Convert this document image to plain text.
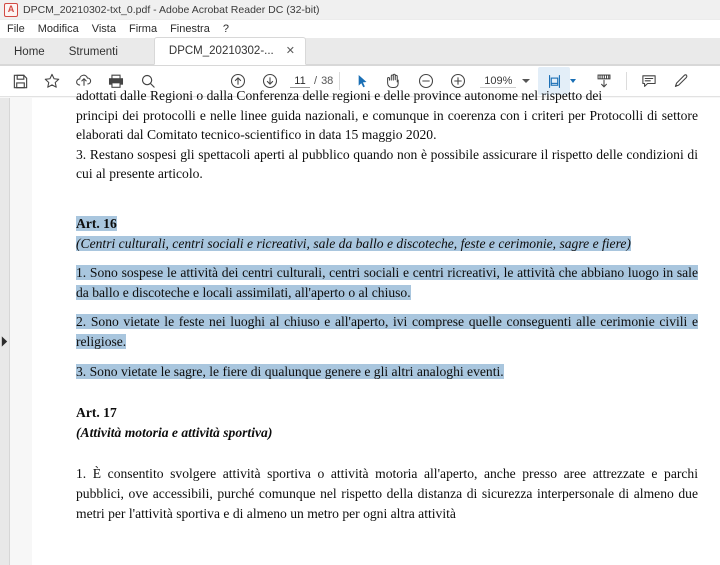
A DPCM_20210302-txt_0.pdf - Adobe Acrobat Reader DC (32-bit)
File	Modifica	Vista	Firma	Finestra	?
Home	Strumenti	DPCM_20210302-... ✕
11 / 38	109%

adottati dalle Regioni o dalla Conferenza delle regioni e delle province autonome nel rispetto dei

principi dei protocolli e nelle linee guida nazionali, e comunque in coerenza con i criteri per Protocolli di settore elaborati dal Comitato tecnico-scientifico in data 15 maggio 2020.

3. Restano sospesi gli spettacoli aperti al pubblico quando non è possibile assicurare il rispetto delle condizioni di cui al presente articolo.

Art. 16

(Centri culturali, centri sociali e ricreativi, sale da ballo e discoteche, feste e cerimonie, sagre e fiere)

1. Sono sospese le attività dei centri culturali, centri sociali e centri ricreativi, le attività che abbiano luogo in sale da ballo e discoteche e locali assimilati, all'aperto o al chiuso.

2. Sono vietate le feste nei luoghi al chiuso e all'aperto, ivi comprese quelle conseguenti alle cerimonie civili e religiose.

3. Sono vietate le sagre, le fiere di qualunque genere e gli altri analoghi eventi.

Art. 17

(Attività motoria e attività sportiva)

1. È consentito svolgere attività sportiva o attività motoria all'aperto, anche presso aree attrezzate e parchi pubblici, ove accessibili, purché comunque nel rispetto della distanza di sicurezza interpersonale di almeno due metri per l'attività sportiva e di almeno un metro per ogni altra attività
